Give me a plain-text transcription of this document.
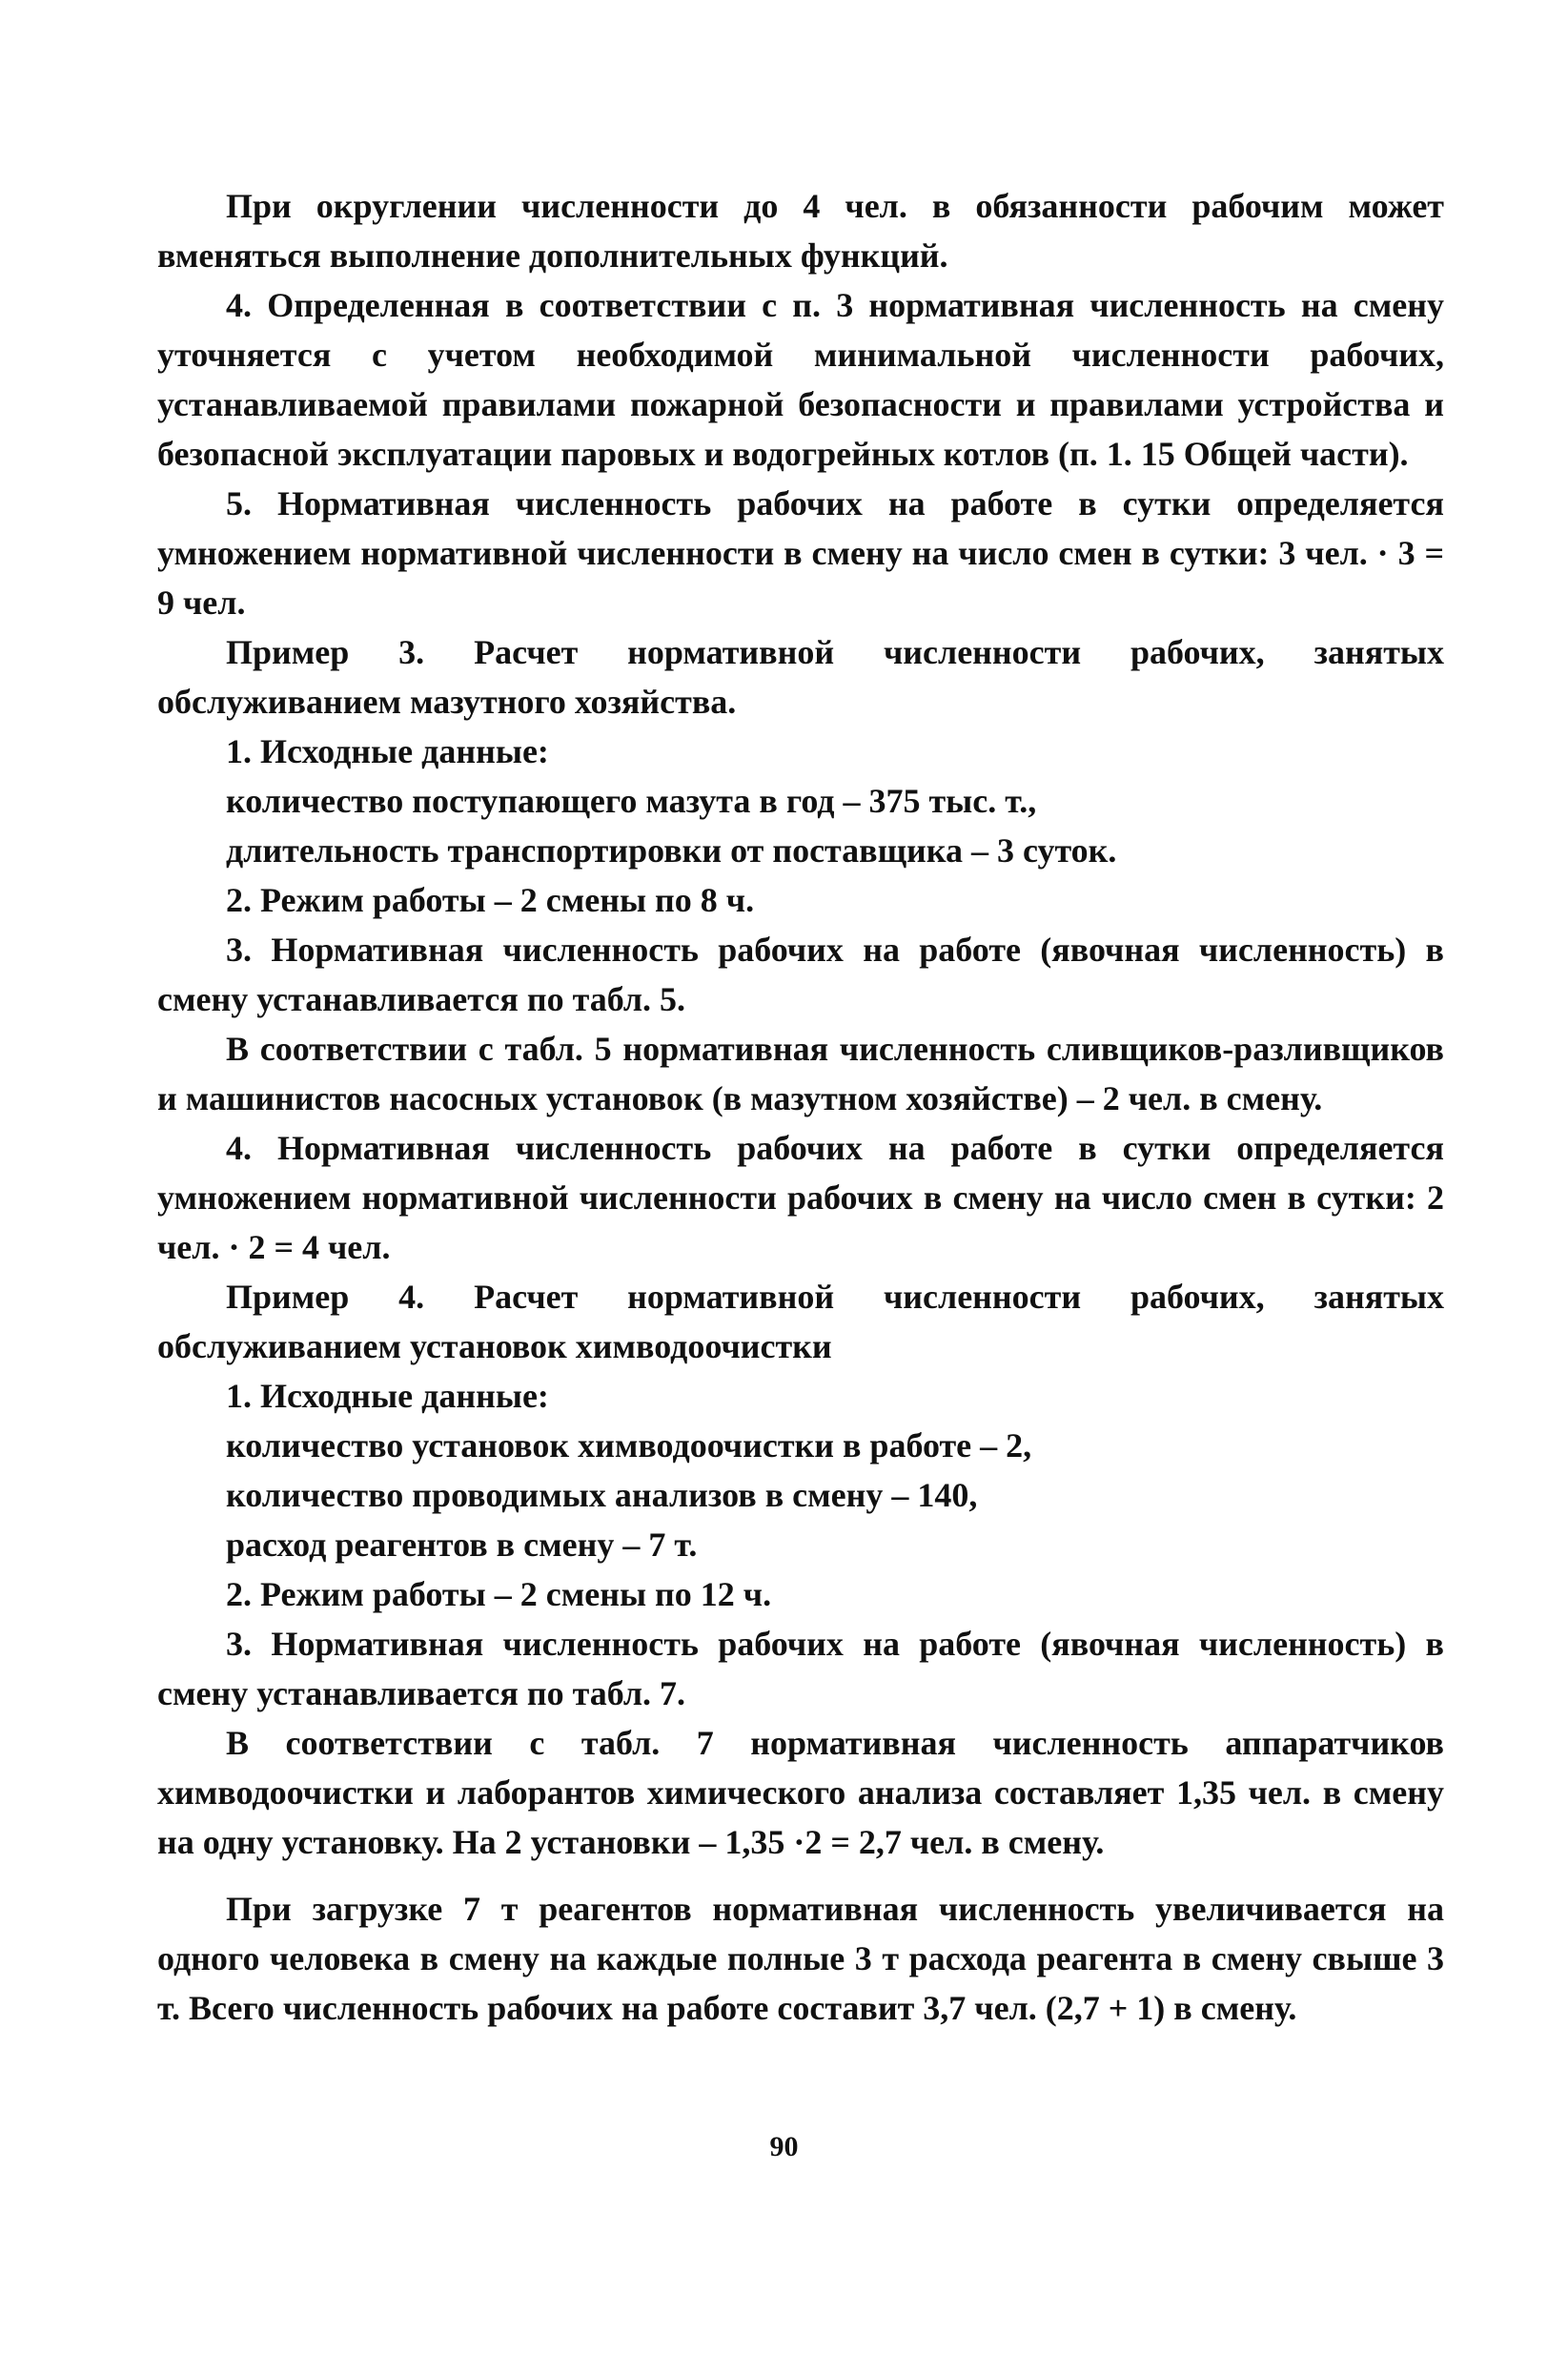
При округлении численности до 4 чел. в обязанности рабочим может вменяться выполнение дополнительных функций.

4. Определенная в соответствии с п. 3 нормативная численность на смену уточняется с учетом необходимой минимальной численности рабочих, устанавливаемой правилами пожарной безопасности и правилами устройства и безопасной эксплуатации паровых и водогрейных котлов (п. 1. 15 Общей части).

5. Нормативная численность рабочих на работе в сутки определяется умножением нормативной численности в смену на число смен в сутки: 3 чел. · 3 = 9 чел.

Пример 3. Расчет нормативной численности рабочих, занятых обслуживанием мазутного хозяйства.

1. Исходные данные:

количество поступающего мазута в год – 375 тыс. т.,

длительность транспортировки от поставщика – 3 суток.

2. Режим работы – 2 смены по 8 ч.

3. Нормативная численность рабочих на работе (явочная численность) в смену устанавливается по табл. 5.

В соответствии с табл. 5 нормативная численность сливщиков-разливщиков и машинистов насосных установок (в мазутном хозяйстве) – 2 чел. в смену.

4. Нормативная численность рабочих на работе в сутки определяется умножением нормативной численности рабочих в смену на число смен в сутки: 2 чел. · 2 = 4 чел.

Пример 4. Расчет нормативной численности рабочих, занятых обслуживанием установок химводоочистки

1. Исходные данные:

количество установок химводоочистки в работе – 2,

количество проводимых анализов в смену – 140,

расход реагентов в смену – 7 т.

2. Режим работы – 2 смены по 12 ч.

3. Нормативная численность рабочих на работе (явочная численность) в смену устанавливается по табл. 7.

В соответствии с табл. 7 нормативная численность аппаратчиков химводоочистки и лаборантов химического анализа составляет 1,35 чел. в смену на одну установку. На 2 установки – 1,35 ·2 = 2,7 чел. в смену.

При загрузке 7 т реагентов нормативная численность увеличивается на одного человека в смену на каждые полные 3 т расхода реагента в смену свыше 3 т. Всего численность рабочих на работе составит 3,7 чел. (2,7 + 1) в смену.

90
